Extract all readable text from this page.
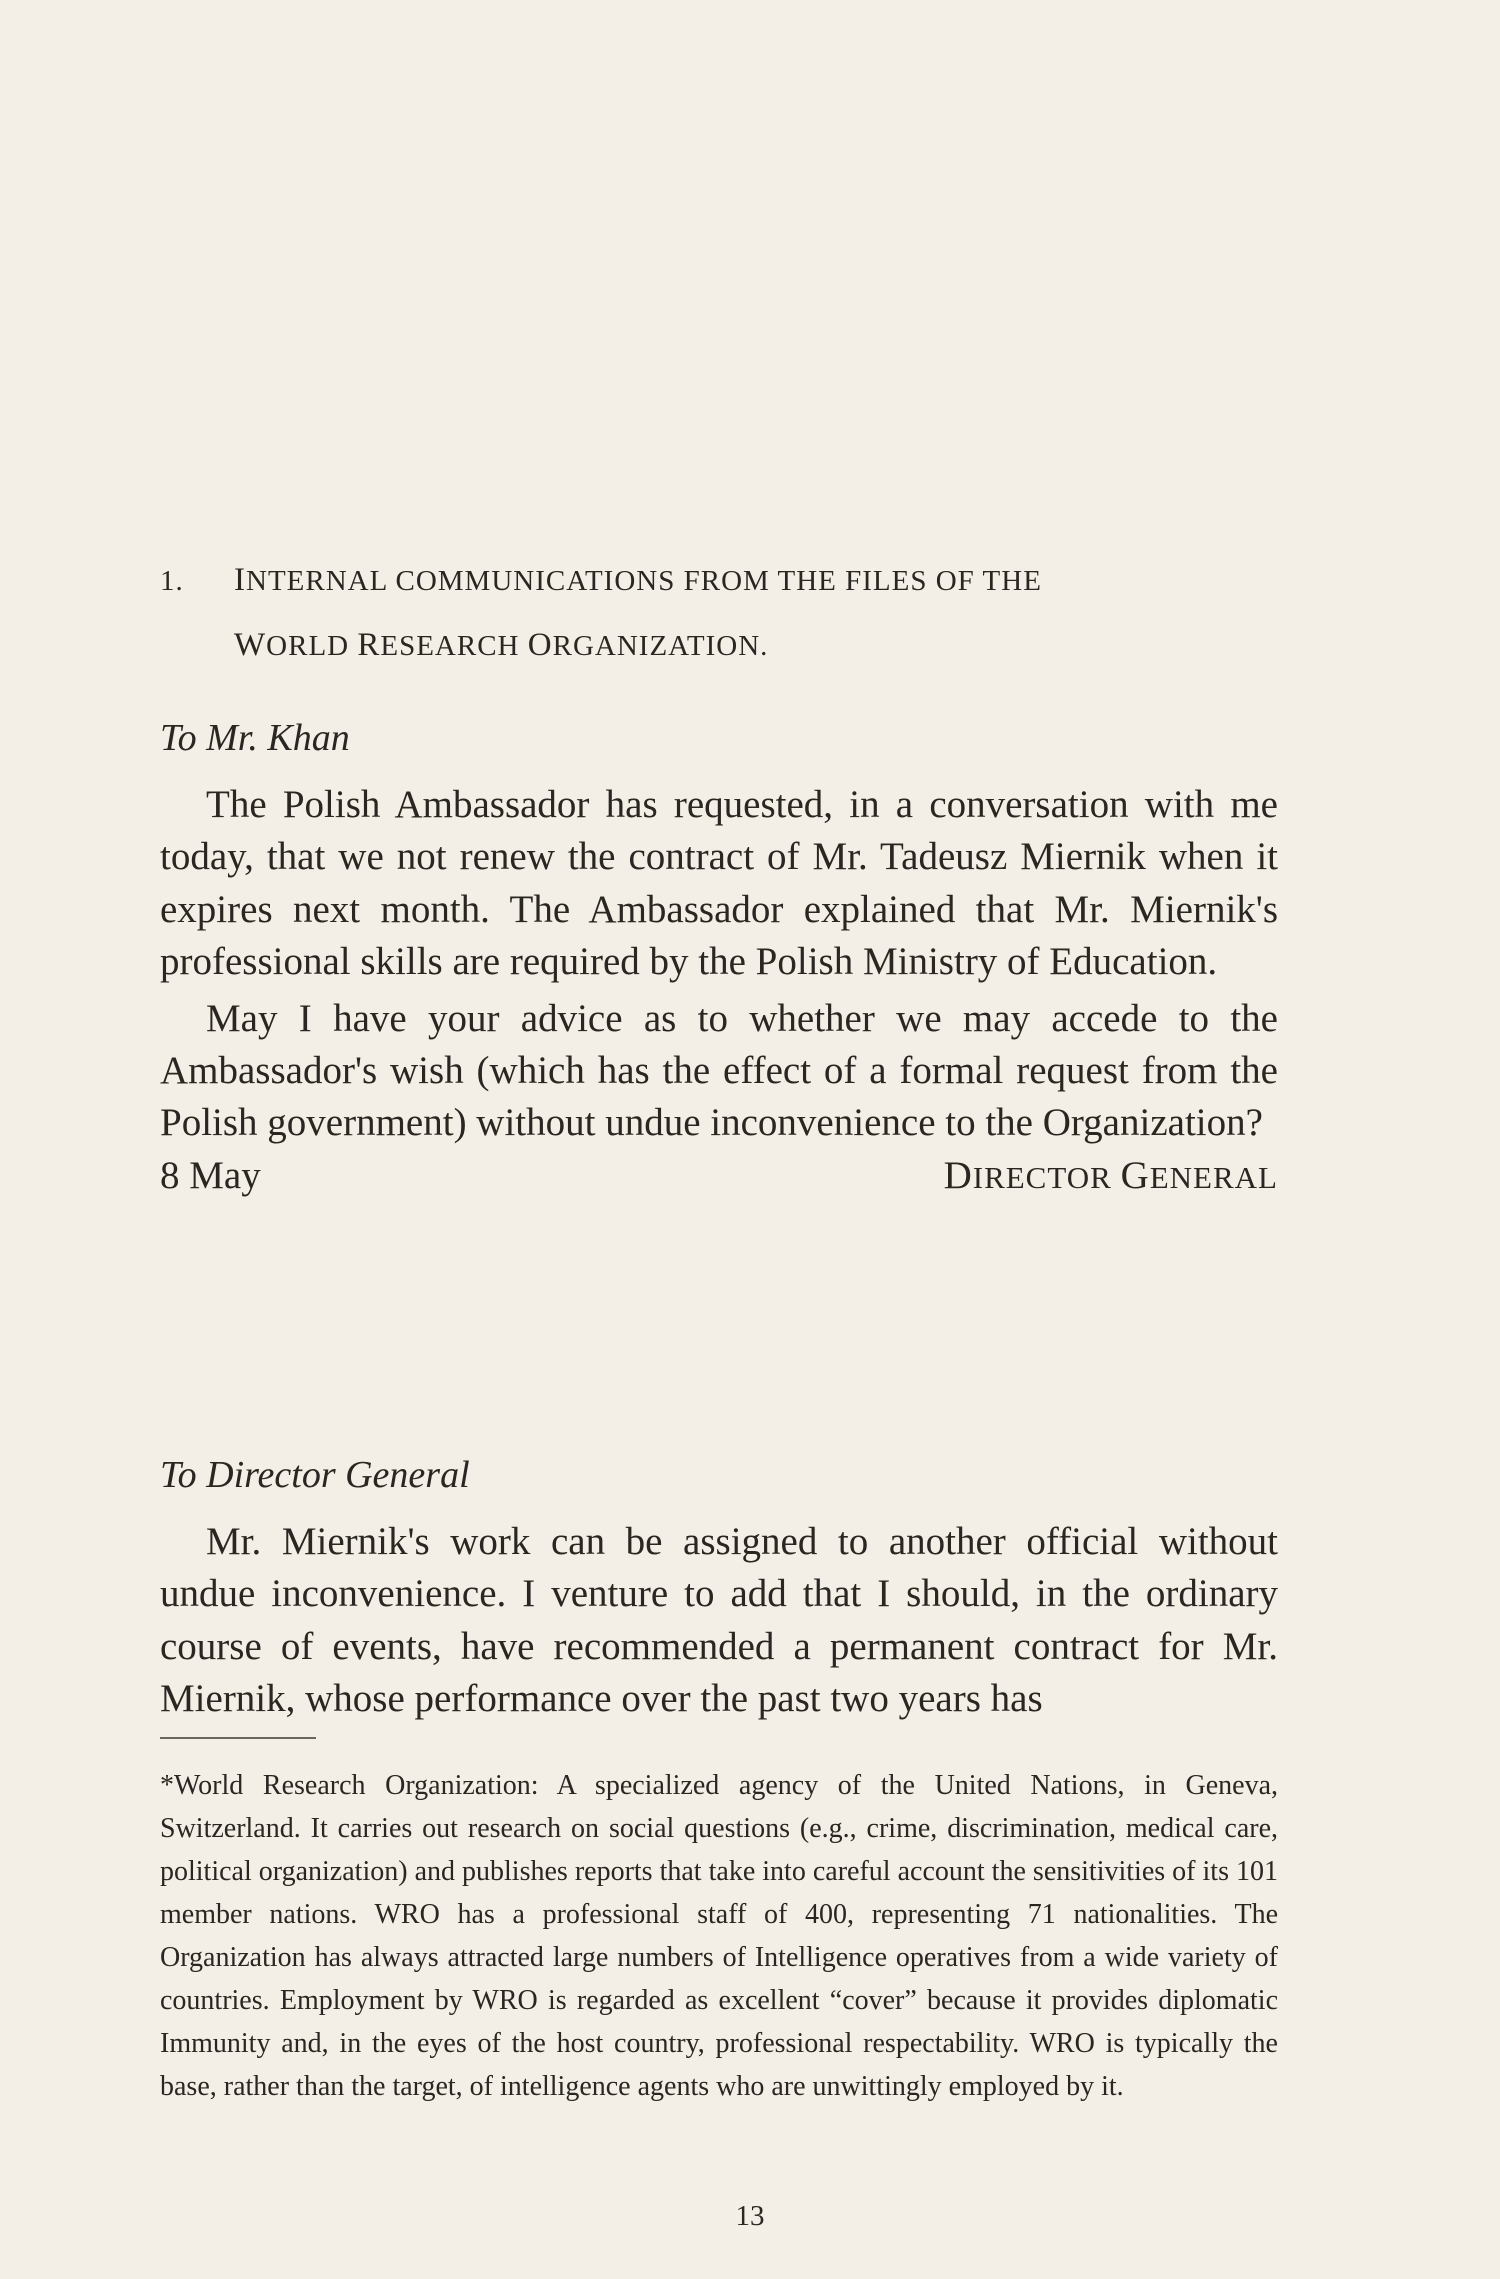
1. INTERNAL COMMUNICATIONS FROM THE FILES OF THE
WORLD RESEARCH ORGANIZATION.
To Mr. Khan

The Polish Ambassador has requested, in a conversation with me today, that we not renew the contract of Mr. Tadeusz Miernik when it expires next month. The Ambassador explained that Mr. Miernik's professional skills are required by the Polish Ministry of Education.

May I have your advice as to whether we may accede to the Ambassador's wish (which has the effect of a formal request from the Polish government) without undue inconvenience to the Organization?

8 May	DIRECTOR GENERAL
To Director General

Mr. Miernik's work can be assigned to another official without undue inconvenience. I venture to add that I should, in the ordinary course of events, have recommended a permanent contract for Mr. Miernik, whose performance over the past two years has

*World Research Organization: A specialized agency of the United Nations, in Geneva, Switzerland. It carries out research on social questions (e.g., crime, discrimination, medical care, political organization) and publishes reports that take into careful account the sensitivities of its 101 member nations. WRO has a professional staff of 400, representing 71 nationalities. The Organization has always attracted large numbers of Intelligence operatives from a wide variety of countries. Employment by WRO is regarded as excellent “cover” because it provides diplomatic Immunity and, in the eyes of the host country, professional respectability. WRO is typically the base, rather than the target, of intelligence agents who are unwittingly employed by it.

13
